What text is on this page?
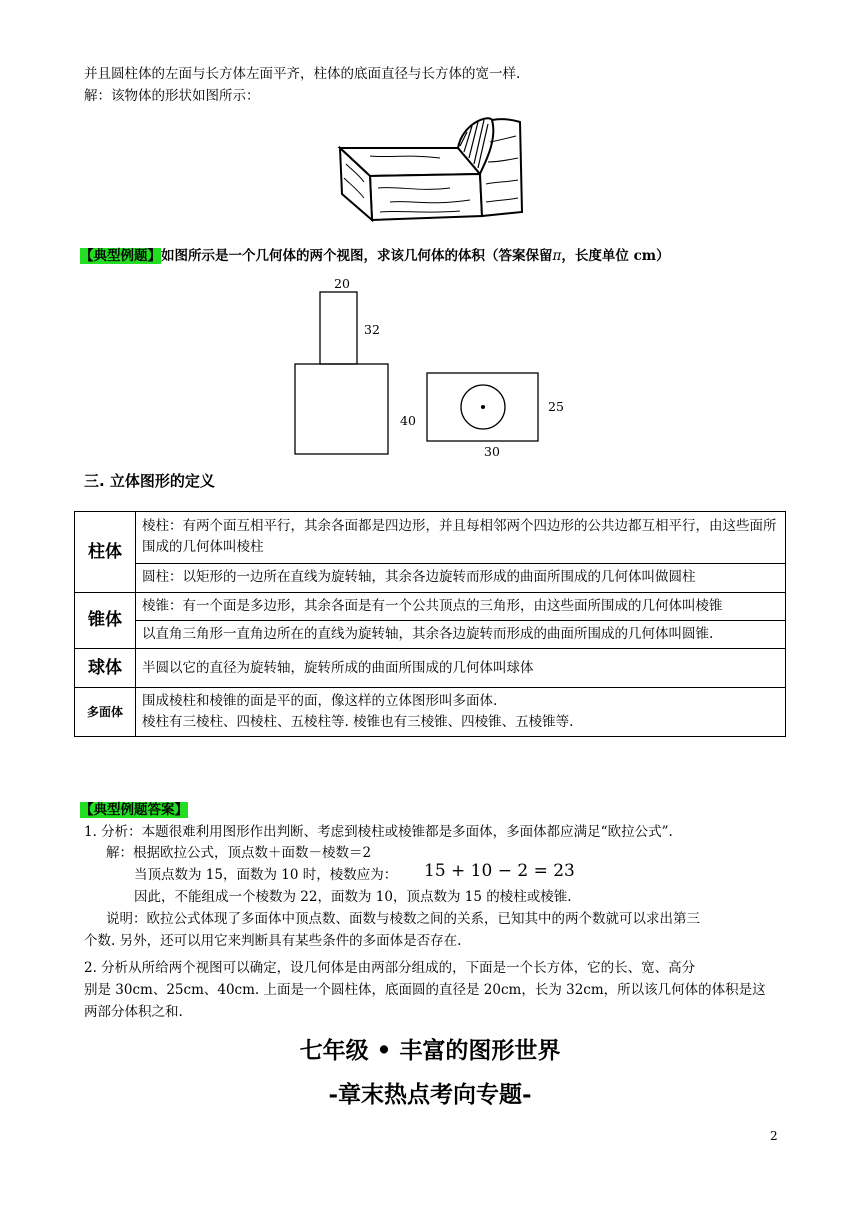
并且圆柱体的左面与长方体左面平齐，柱体的底面直径与长方体的宽一样.
解：该物体的形状如图所示：
【典型例题】如图所示是一个几何体的两个视图，求该几何体的体积（答案保留π，长度单位 cm）
20
32
40
25
30
三. 立体图形的定义
柱体	棱柱：有两个面互相平行，其余各面都是四边形，并且每相邻两个四边形的公共边都互相平行，由这些面所围成的几何体叫棱柱
	圆柱：以矩形的一边所在直线为旋转轴，其余各边旋转而形成的曲面所围成的几何体叫做圆柱
锥体	棱锥：有一个面是多边形，其余各面是有一个公共顶点的三角形，由这些面所围成的几何体叫棱锥
	以直角三角形一直角边所在的直线为旋转轴，其余各边旋转而形成的曲面所围成的几何体叫圆锥.
球体	半圆以它的直径为旋转轴，旋转所成的曲面所围成的几何体叫球体
多面体	围成棱柱和棱锥的面是平的面，像这样的立体图形叫多面体.
棱柱有三棱柱、四棱柱、五棱柱等. 棱锥也有三棱锥、四棱锥、五棱锥等.
【典型例题答案】
1. 分析：本题很难利用图形作出判断、考虑到棱柱或棱锥都是多面体，多面体都应满足“欧拉公式”.
解：根据欧拉公式，顶点数＋面数－棱数＝2
当顶点数为 15，面数为 10 时，棱数应为： 15 + 10 − 2 = 23
因此，不能组成一个棱数为 22，面数为 10，顶点数为 15 的棱柱或棱锥.
说明：欧拉公式体现了多面体中顶点数、面数与棱数之间的关系，已知其中的两个数就可以求出第三
个数. 另外，还可以用它来判断具有某些条件的多面体是否存在.
2. 分析从所给两个视图可以确定，设几何体是由两部分组成的，下面是一个长方体，它的长、宽、高分
别是 30cm、25cm、40cm. 上面是一个圆柱体，底面圆的直径是 20cm，长为 32cm，所以该几何体的体积是这
两部分体积之和.
七年级 • 丰富的图形世界
-章末热点考向专题-
2
